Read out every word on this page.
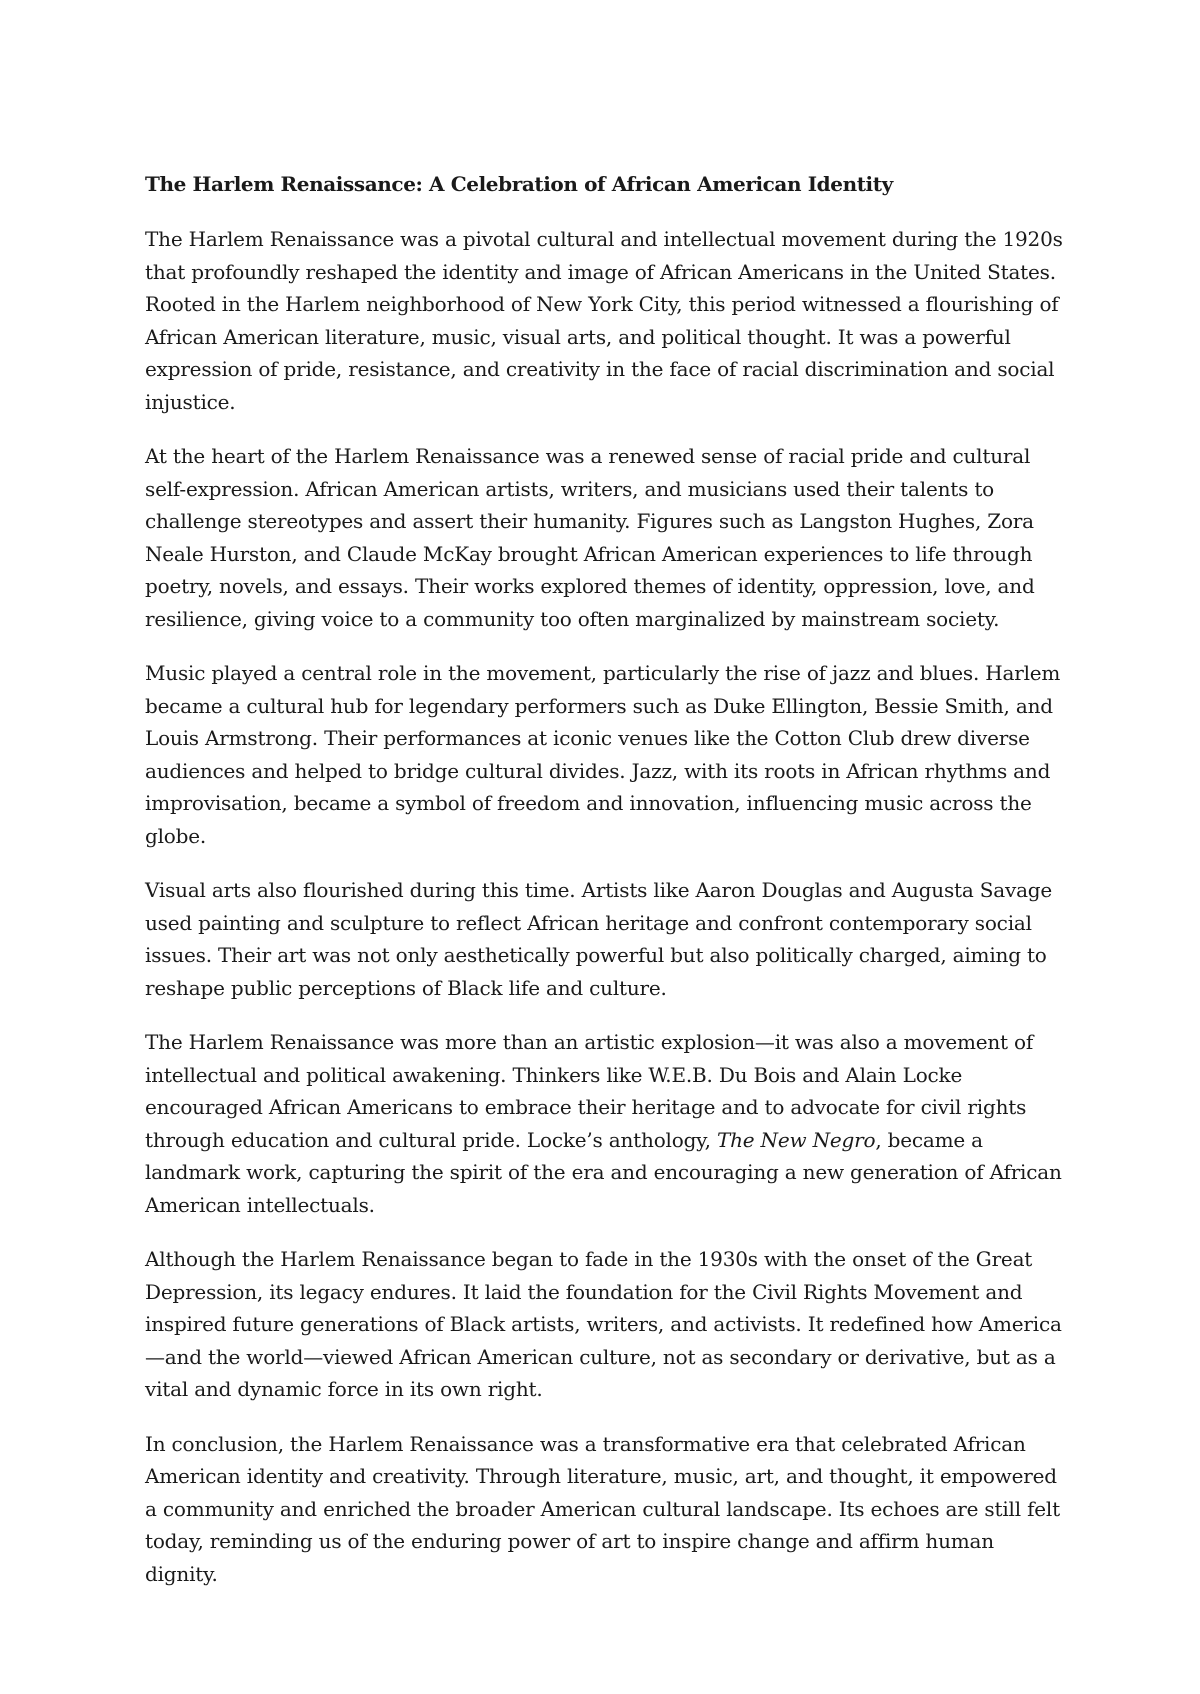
The Harlem Renaissance: A Celebration of African American Identity

The Harlem Renaissance was a pivotal cultural and intellectual movement during the 1920s that profoundly reshaped the identity and image of African Americans in the United States. Rooted in the Harlem neighborhood of New York City, this period witnessed a flourishing of African American literature, music, visual arts, and political thought. It was a powerful expression of pride, resistance, and creativity in the face of racial discrimination and social injustice.

At the heart of the Harlem Renaissance was a renewed sense of racial pride and cultural self-expression. African American artists, writers, and musicians used their talents to challenge stereotypes and assert their humanity. Figures such as Langston Hughes, Zora Neale Hurston, and Claude McKay brought African American experiences to life through poetry, novels, and essays. Their works explored themes of identity, oppression, love, and resilience, giving voice to a community too often marginalized by mainstream society.

Music played a central role in the movement, particularly the rise of jazz and blues. Harlem became a cultural hub for legendary performers such as Duke Ellington, Bessie Smith, and Louis Armstrong. Their performances at iconic venues like the Cotton Club drew diverse audiences and helped to bridge cultural divides. Jazz, with its roots in African rhythms and improvisation, became a symbol of freedom and innovation, influencing music across the globe.

Visual arts also flourished during this time. Artists like Aaron Douglas and Augusta Savage used painting and sculpture to reflect African heritage and confront contemporary social issues. Their art was not only aesthetically powerful but also politically charged, aiming to reshape public perceptions of Black life and culture.

The Harlem Renaissance was more than an artistic explosion—it was also a movement of intellectual and political awakening. Thinkers like W.E.B. Du Bois and Alain Locke encouraged African Americans to embrace their heritage and to advocate for civil rights through education and cultural pride. Locke’s anthology, The New Negro, became a landmark work, capturing the spirit of the era and encouraging a new generation of African American intellectuals.

Although the Harlem Renaissance began to fade in the 1930s with the onset of the Great Depression, its legacy endures. It laid the foundation for the Civil Rights Movement and inspired future generations of Black artists, writers, and activists. It redefined how America—and the world—viewed African American culture, not as secondary or derivative, but as a vital and dynamic force in its own right.

In conclusion, the Harlem Renaissance was a transformative era that celebrated African American identity and creativity. Through literature, music, art, and thought, it empowered a community and enriched the broader American cultural landscape. Its echoes are still felt today, reminding us of the enduring power of art to inspire change and affirm human dignity.
